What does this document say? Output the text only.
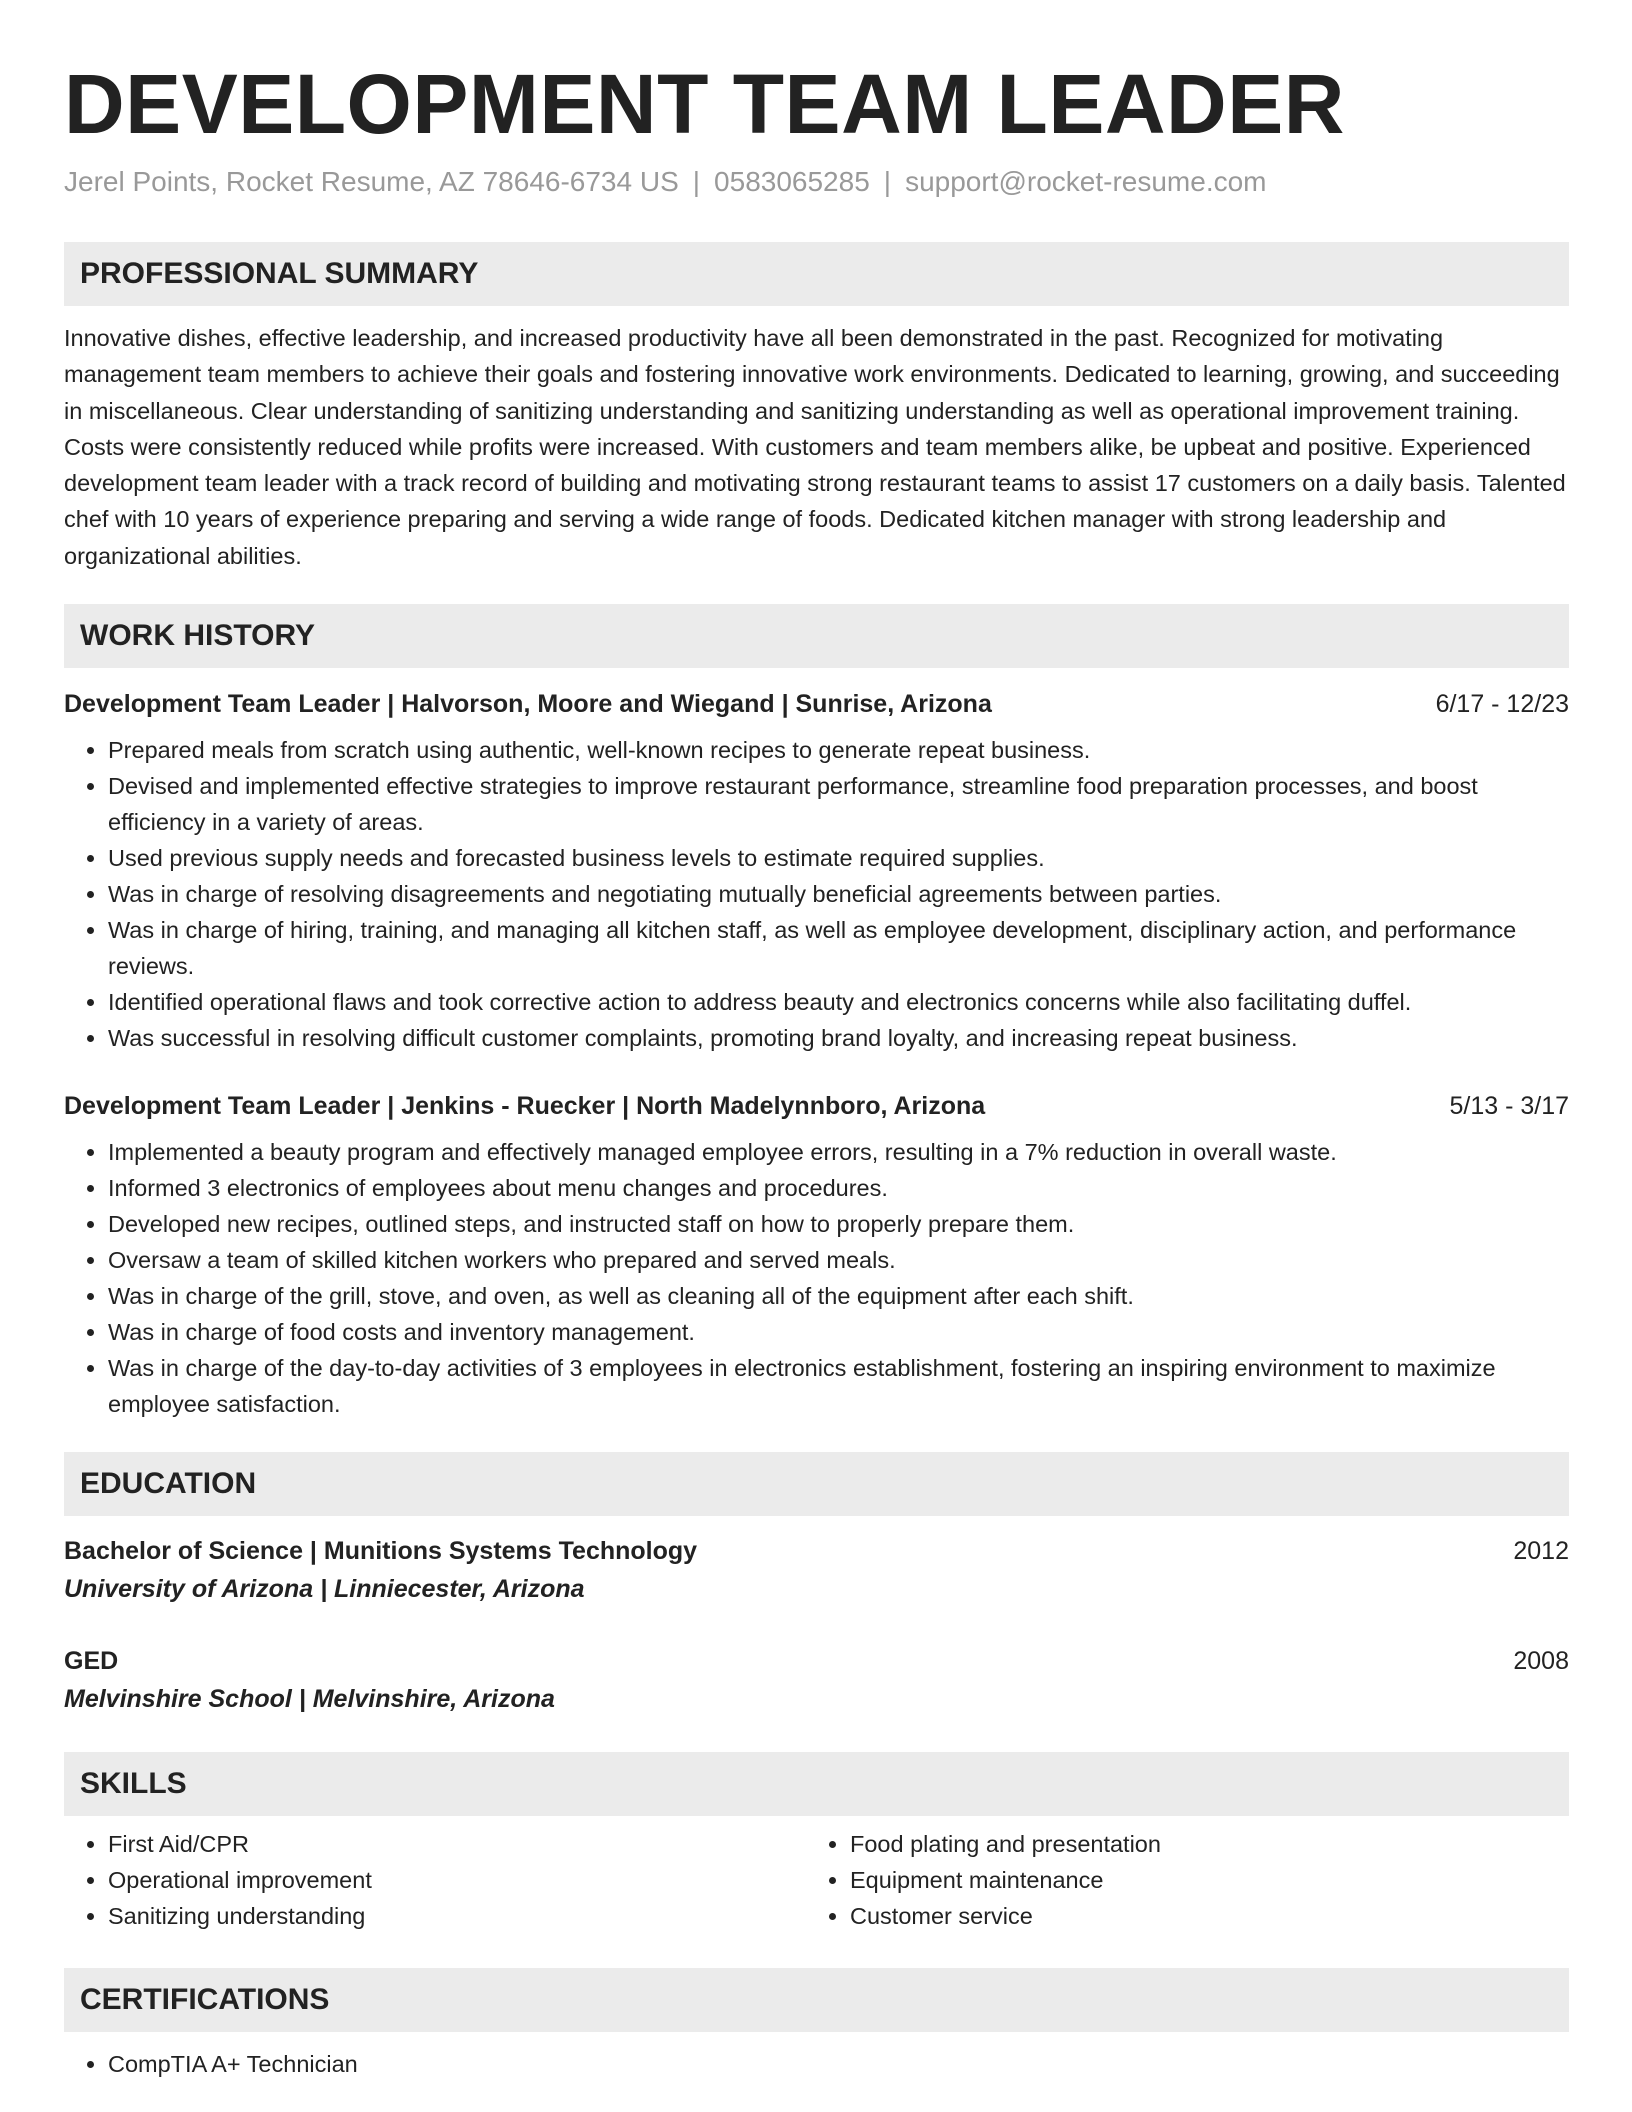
DEVELOPMENT TEAM LEADER
Jerel Points, Rocket Resume, AZ 78646-6734 US | 0583065285 | support@rocket-resume.com
PROFESSIONAL SUMMARY

Innovative dishes, effective leadership, and increased productivity have all been demonstrated in the past. Recognized for motivating management team members to achieve their goals and fostering innovative work environments. Dedicated to learning, growing, and succeeding in miscellaneous. Clear understanding of sanitizing understanding and sanitizing understanding as well as operational improvement training. Costs were consistently reduced while profits were increased. With customers and team members alike, be upbeat and positive. Experienced development team leader with a track record of building and motivating strong restaurant teams to assist 17 customers on a daily basis. Talented chef with 10 years of experience preparing and serving a wide range of foods. Dedicated kitchen manager with strong leadership and organizational abilities.

WORK HISTORY
Development Team Leader | Halvorson, Moore and Wiegand | Sunrise, Arizona	6/17 - 12/23
• Prepared meals from scratch using authentic, well-known recipes to generate repeat business.
• Devised and implemented effective strategies to improve restaurant performance, streamline food preparation processes, and boost efficiency in a variety of areas.
• Used previous supply needs and forecasted business levels to estimate required supplies.
• Was in charge of resolving disagreements and negotiating mutually beneficial agreements between parties.
• Was in charge of hiring, training, and managing all kitchen staff, as well as employee development, disciplinary action, and performance reviews.
• Identified operational flaws and took corrective action to address beauty and electronics concerns while also facilitating duffel.
• Was successful in resolving difficult customer complaints, promoting brand loyalty, and increasing repeat business.
Development Team Leader | Jenkins - Ruecker | North Madelynnboro, Arizona	5/13 - 3/17
• Implemented a beauty program and effectively managed employee errors, resulting in a 7% reduction in overall waste.
• Informed 3 electronics of employees about menu changes and procedures.
• Developed new recipes, outlined steps, and instructed staff on how to properly prepare them.
• Oversaw a team of skilled kitchen workers who prepared and served meals.
• Was in charge of the grill, stove, and oven, as well as cleaning all of the equipment after each shift.
• Was in charge of food costs and inventory management.
• Was in charge of the day-to-day activities of 3 employees in electronics establishment, fostering an inspiring environment to maximize employee satisfaction.
EDUCATION
Bachelor of Science | Munitions Systems Technology	2012
University of Arizona | Linniecester, Arizona
GED	2008
Melvinshire School | Melvinshire, Arizona
SKILLS
• First Aid/CPR
• Operational improvement
• Sanitizing understanding
• Food plating and presentation
• Equipment maintenance
• Customer service
CERTIFICATIONS
• CompTIA A+ Technician
